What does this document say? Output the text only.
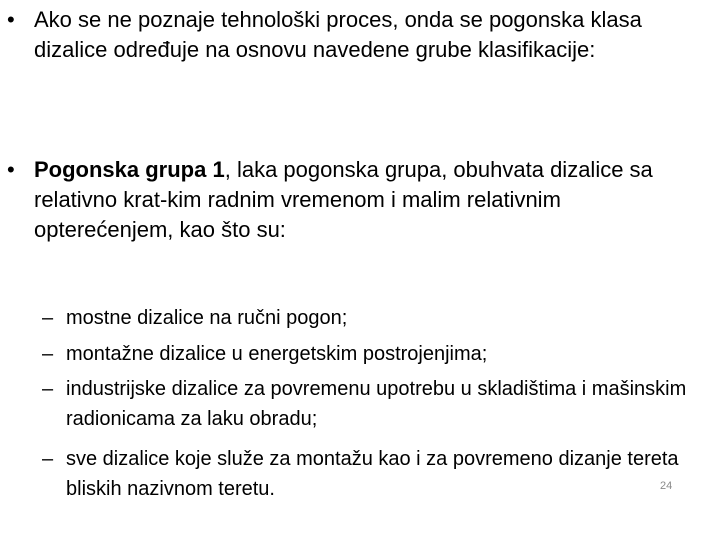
• Ako se ne poznaje tehnološki proces, onda se pogonska klasa dizalice određuje na osnovu navedene grube klasifikacije:
• Pogonska grupa 1, laka pogonska grupa, obuhvata dizalice sa relativno krat-kim radnim vremenom i malim relativnim opterećenjem, kao što su:
– mostne dizalice na ručni pogon;
– montažne dizalice u energetskim postrojenjima;
– industrijske dizalice za povremenu upotrebu u skladištima i mašinskim radionicama za laku obradu;
– sve dizalice koje služe za montažu kao i za povremeno dizanje tereta bliskih nazivnom teretu.	24
